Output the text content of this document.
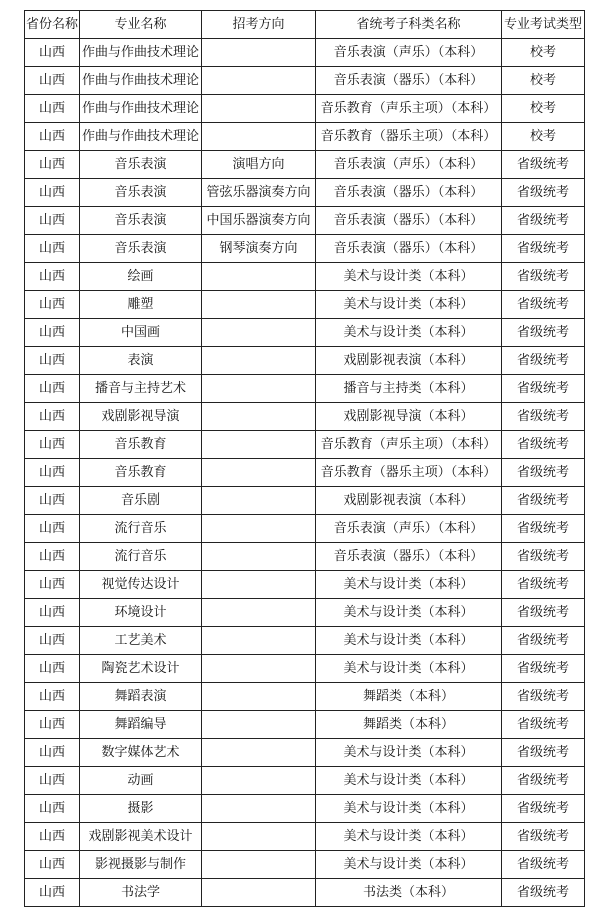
省份名称	专业名称	招考方向	省统考子科类名称	专业考试类型
山西	作曲与作曲技术理论		音乐表演（声乐）（本科）	校考
山西	作曲与作曲技术理论		音乐表演（器乐）（本科）	校考
山西	作曲与作曲技术理论		音乐教育（声乐主项）（本科）	校考
山西	作曲与作曲技术理论		音乐教育（器乐主项）（本科）	校考
山西	音乐表演	演唱方向	音乐表演（声乐）（本科）	省级统考
山西	音乐表演	管弦乐器演奏方向	音乐表演（器乐）（本科）	省级统考
山西	音乐表演	中国乐器演奏方向	音乐表演（器乐）（本科）	省级统考
山西	音乐表演	钢琴演奏方向	音乐表演（器乐）（本科）	省级统考
山西	绘画		美术与设计类（本科）	省级统考
山西	雕塑		美术与设计类（本科）	省级统考
山西	中国画		美术与设计类（本科）	省级统考
山西	表演		戏剧影视表演（本科）	省级统考
山西	播音与主持艺术		播音与主持类（本科）	省级统考
山西	戏剧影视导演		戏剧影视导演（本科）	省级统考
山西	音乐教育		音乐教育（声乐主项）（本科）	省级统考
山西	音乐教育		音乐教育（器乐主项）（本科）	省级统考
山西	音乐剧		戏剧影视表演（本科）	省级统考
山西	流行音乐		音乐表演（声乐）（本科）	省级统考
山西	流行音乐		音乐表演（器乐）（本科）	省级统考
山西	视觉传达设计		美术与设计类（本科）	省级统考
山西	环境设计		美术与设计类（本科）	省级统考
山西	工艺美术		美术与设计类（本科）	省级统考
山西	陶瓷艺术设计		美术与设计类（本科）	省级统考
山西	舞蹈表演		舞蹈类（本科）	省级统考
山西	舞蹈编导		舞蹈类（本科）	省级统考
山西	数字媒体艺术		美术与设计类（本科）	省级统考
山西	动画		美术与设计类（本科）	省级统考
山西	摄影		美术与设计类（本科）	省级统考
山西	戏剧影视美术设计		美术与设计类（本科）	省级统考
山西	影视摄影与制作		美术与设计类（本科）	省级统考
山西	书法学		书法类（本科）	省级统考
